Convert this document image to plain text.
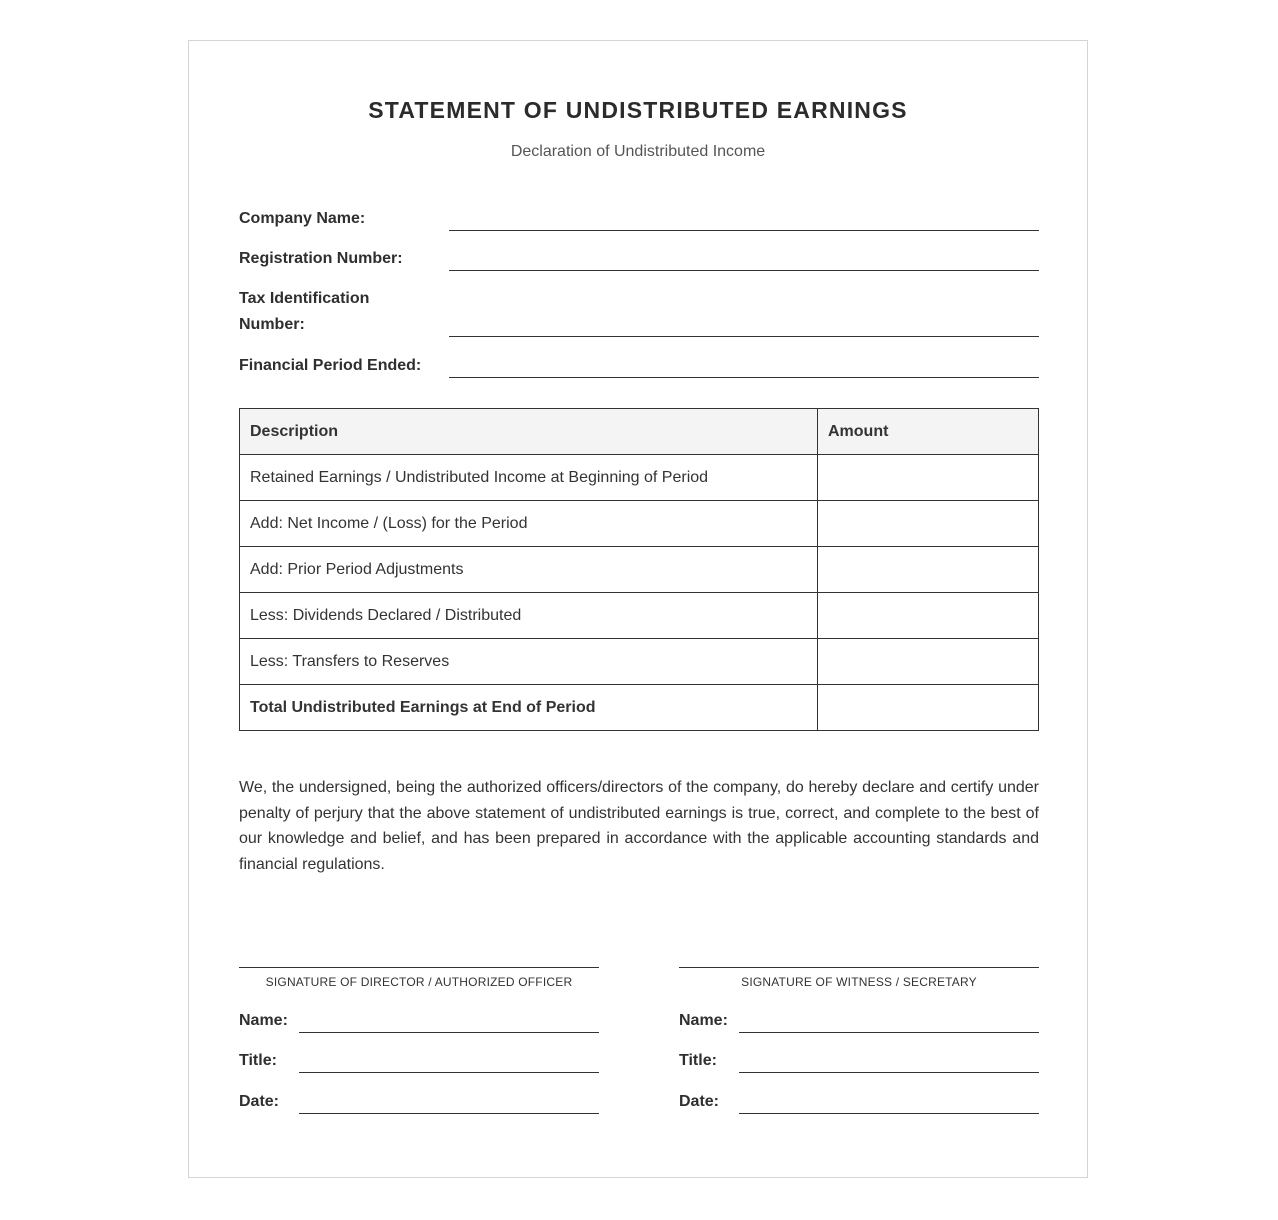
STATEMENT OF UNDISTRIBUTED EARNINGS
Declaration of Undistributed Income
Company Name:
Registration Number:
Tax Identification Number:
Financial Period Ended:
Description	Amount
Retained Earnings / Undistributed Income at Beginning of Period	
Add: Net Income / (Loss) for the Period	
Add: Prior Period Adjustments	
Less: Dividends Declared / Distributed	
Less: Transfers to Reserves	
Total Undistributed Earnings at End of Period	
We, the undersigned, being the authorized officers/directors of the company, do hereby declare and certify under penalty of perjury that the above statement of undistributed earnings is true, correct, and complete to the best of our knowledge and belief, and has been prepared in accordance with the applicable accounting standards and financial regulations.
SIGNATURE OF DIRECTOR / AUTHORIZED OFFICER
Name:
Title:
Date:
SIGNATURE OF WITNESS / SECRETARY
Name:
Title:
Date:
